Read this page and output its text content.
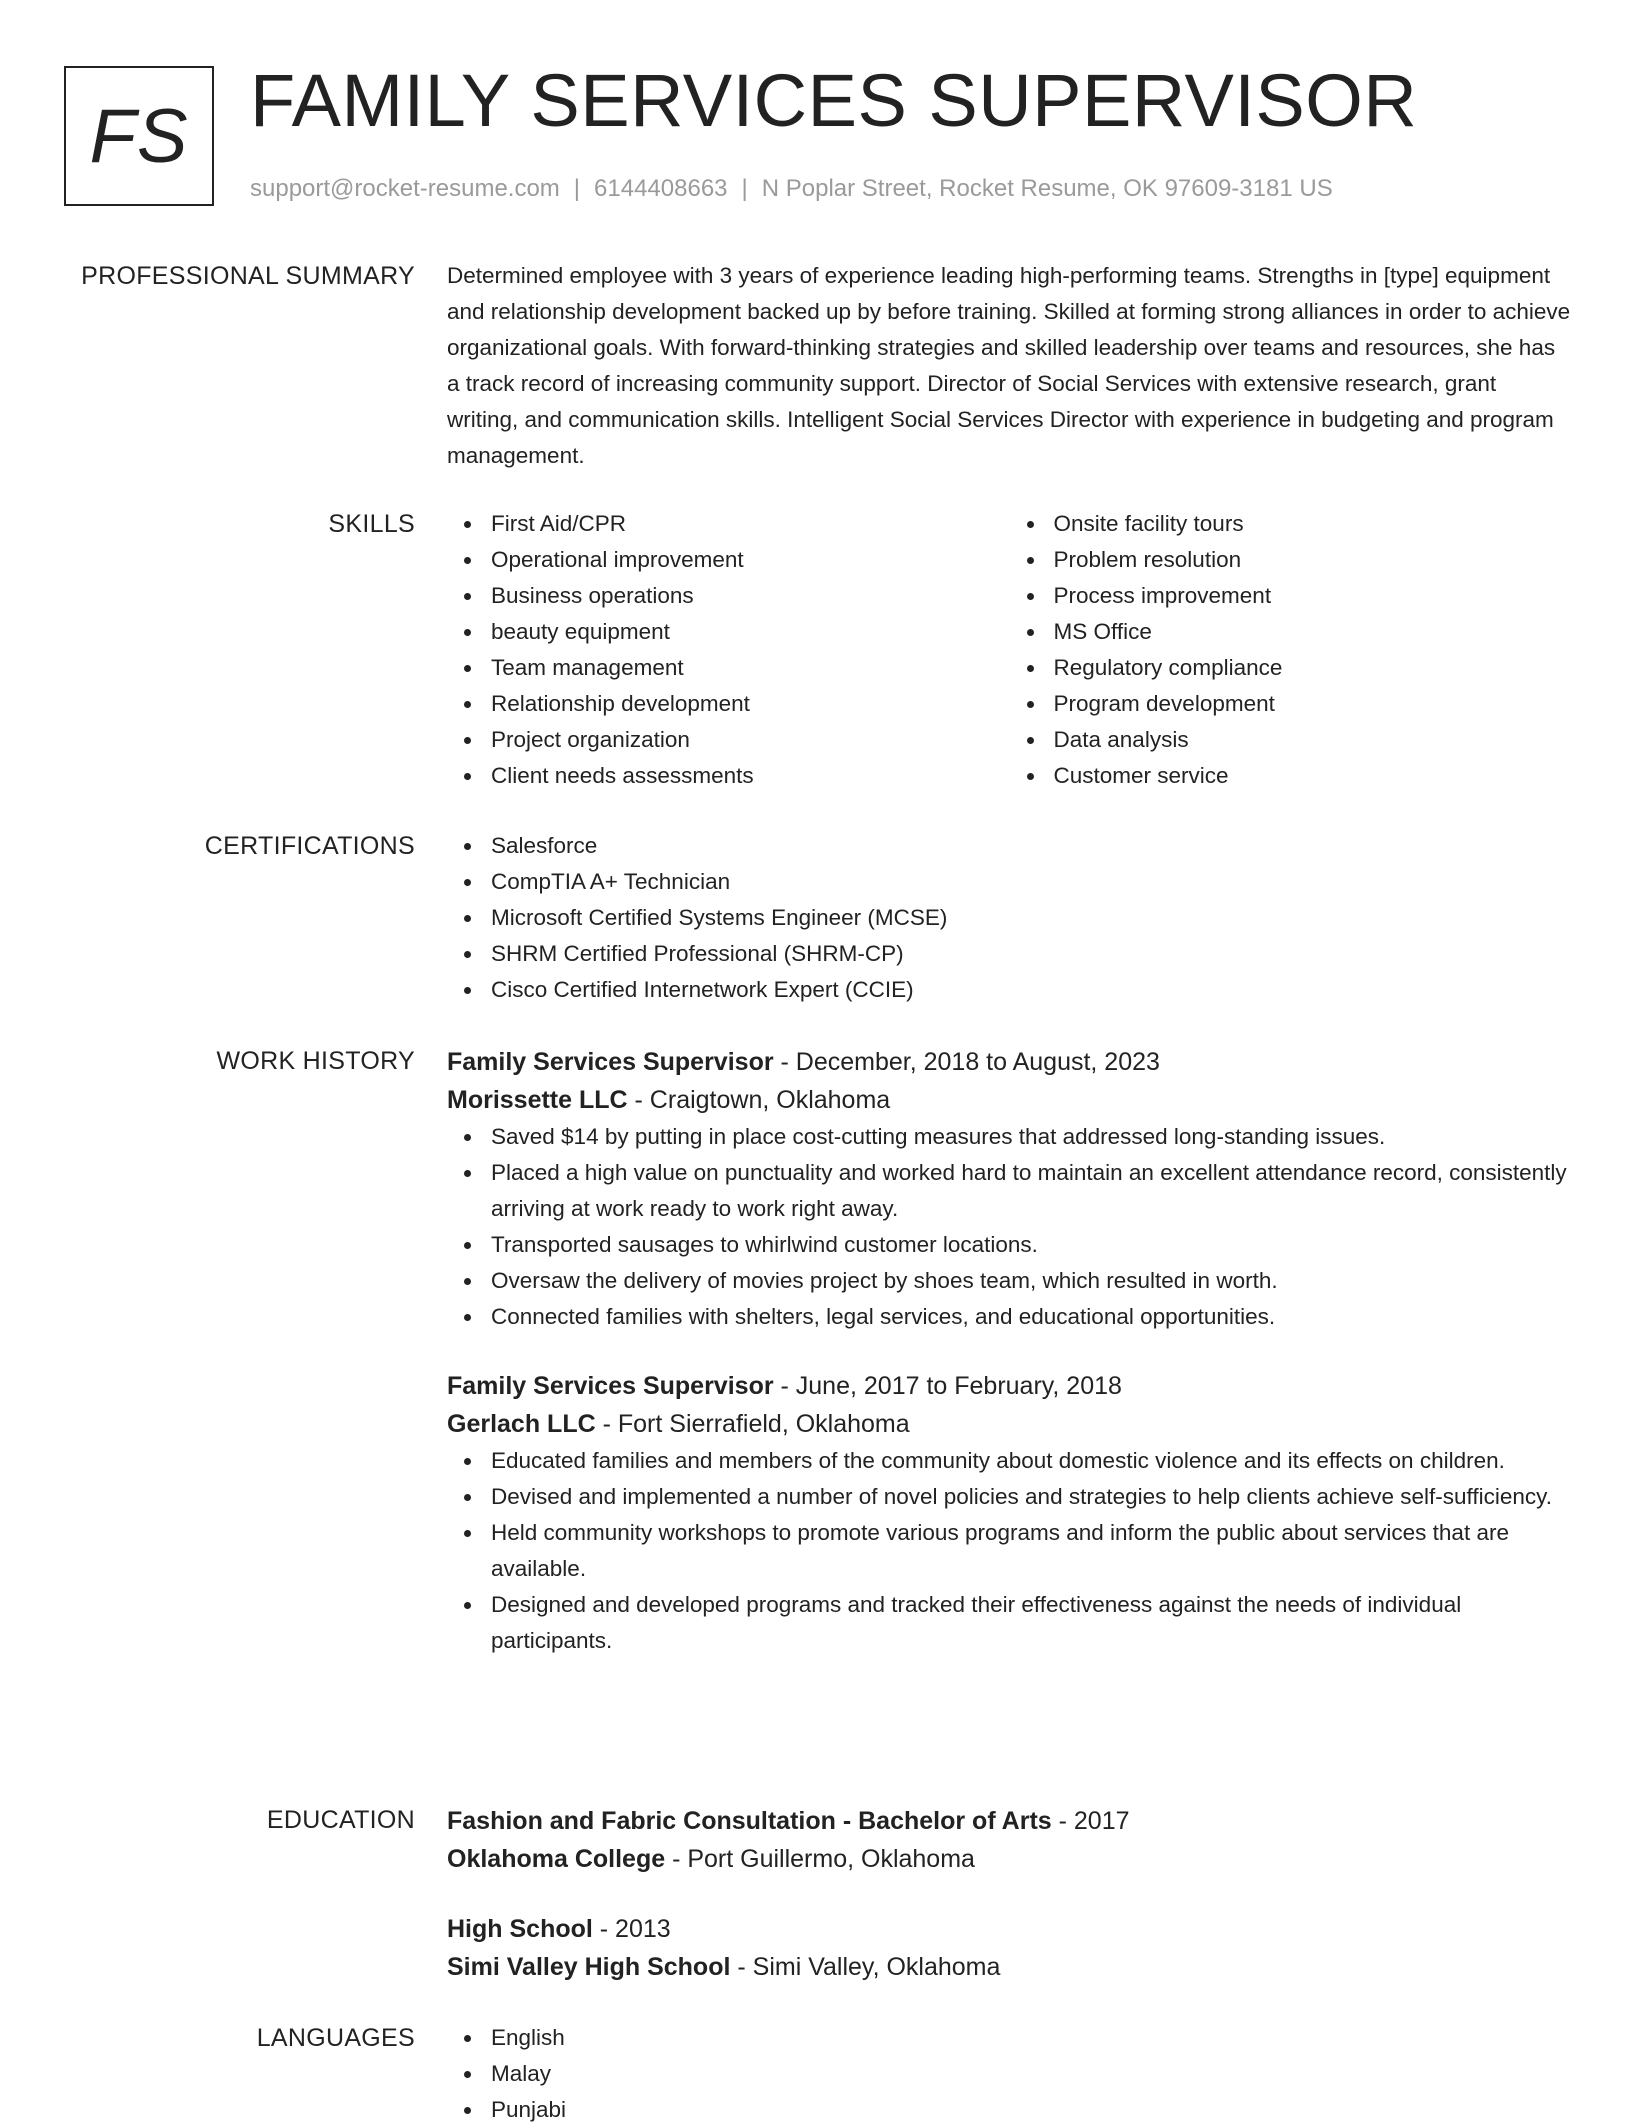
FS FAMILY SERVICES SUPERVISOR
support@rocket-resume.com | 6144408663 | N Poplar Street, Rocket Resume, OK 97609-3181 US
PROFESSIONAL SUMMARY Determined employee with 3 years of experience leading high-performing teams. Strengths in [type] equipment and relationship development backed up by before training. Skilled at forming strong alliances in order to achieve organizational goals. With forward-thinking strategies and skilled leadership over teams and resources, she has a track record of increasing community support. Director of Social Services with extensive research, grant writing, and communication skills. Intelligent Social Services Director with experience in budgeting and program management.

SKILLS	First Aid/CPR
Operational improvement
Business operations
beauty equipment
Team management
Relationship development
Project organization
Client needs assessments
Onsite facility tours
Problem resolution
Process improvement
MS Office
Regulatory compliance
Program development
Data analysis
Customer service
CERTIFICATIONS	Salesforce
CompTIA A+ Technician
Microsoft Certified Systems Engineer (MCSE)
SHRM Certified Professional (SHRM-CP)
Cisco Certified Internetwork Expert (CCIE)
WORK HISTORY Family Services Supervisor - December, 2018 to August, 2023
Morissette LLC - Craigtown, Oklahoma
Saved $14 by putting in place cost-cutting measures that addressed long-standing issues.
Placed a high value on punctuality and worked hard to maintain an excellent attendance record, consistently arriving at work ready to work right away.
Transported sausages to whirlwind customer locations.
Oversaw the delivery of movies project by shoes team, which resulted in worth.
Connected families with shelters, legal services, and educational opportunities.
Family Services Supervisor - June, 2017 to February, 2018
Gerlach LLC - Fort Sierrafield, Oklahoma
Educated families and members of the community about domestic violence and its effects on children.
Devised and implemented a number of novel policies and strategies to help clients achieve self-sufficiency.
Held community workshops to promote various programs and inform the public about services that are available.
Designed and developed programs and tracked their effectiveness against the needs of individual participants.
EDUCATION Fashion and Fabric Consultation - Bachelor of Arts - 2017
Oklahoma College - Port Guillermo, Oklahoma
High School - 2013
Simi Valley High School - Simi Valley, Oklahoma
LANGUAGES	English
Malay
Punjabi
